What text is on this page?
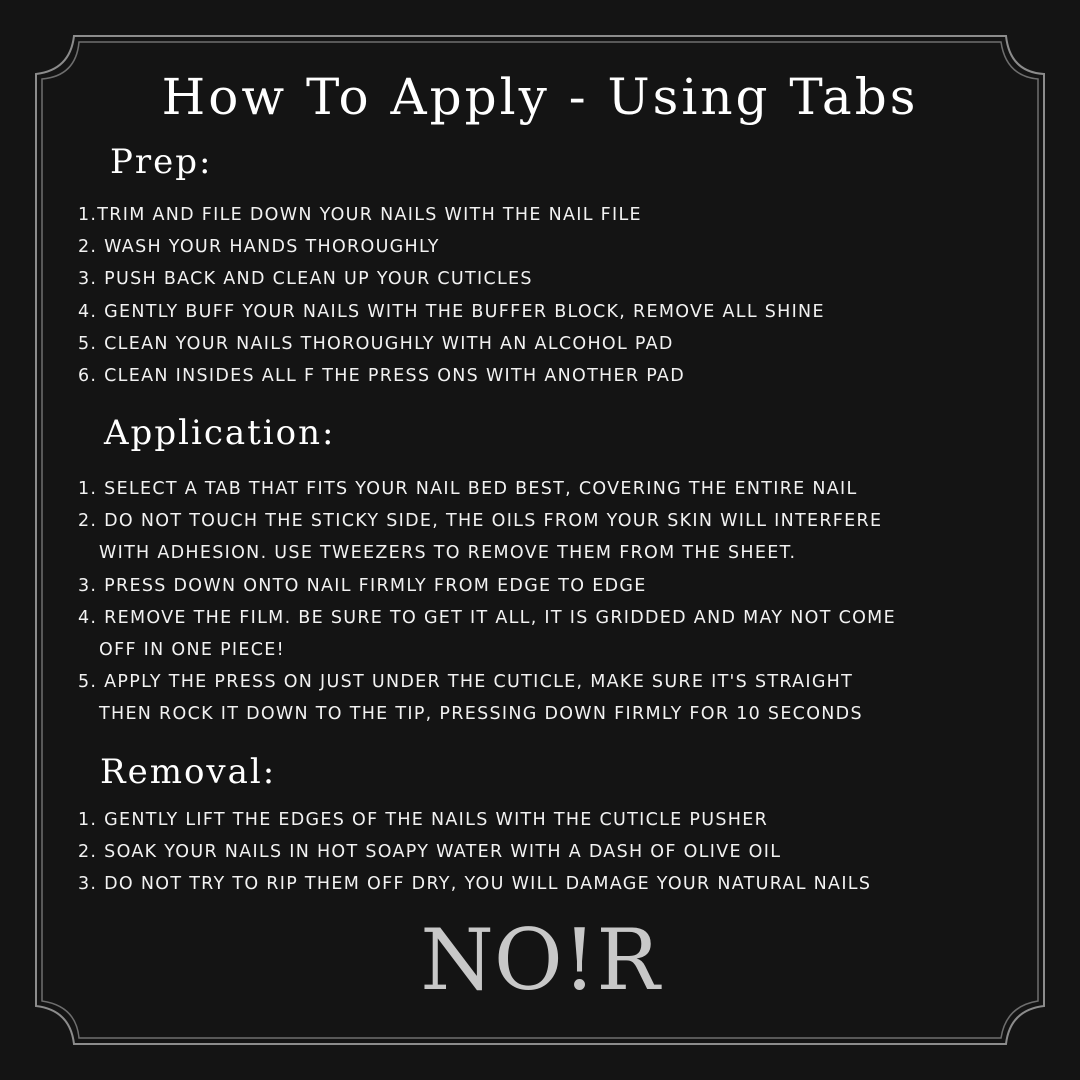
How To Apply - Using Tabs
Prep:
1.TRIM AND FILE DOWN YOUR NAILS WITH THE NAIL FILE
2. WASH YOUR HANDS THOROUGHLY
3. PUSH BACK AND CLEAN UP YOUR CUTICLES
4. GENTLY BUFF YOUR NAILS WITH THE BUFFER BLOCK, REMOVE ALL SHINE
5. CLEAN YOUR NAILS THOROUGHLY WITH AN ALCOHOL PAD
6. CLEAN INSIDES ALL F THE PRESS ONS WITH ANOTHER PAD
Application:
1. SELECT A TAB THAT FITS YOUR NAIL BED BEST, COVERING THE ENTIRE NAIL
2. DO NOT TOUCH THE STICKY SIDE, THE OILS FROM YOUR SKIN WILL INTERFERE
WITH ADHESION. USE TWEEZERS TO REMOVE THEM FROM THE SHEET.
3. PRESS DOWN ONTO NAIL FIRMLY FROM EDGE TO EDGE
4. REMOVE THE FILM. BE SURE TO GET IT ALL, IT IS GRIDDED AND MAY NOT COME
OFF IN ONE PIECE!
5. APPLY THE PRESS ON JUST UNDER THE CUTICLE, MAKE SURE IT'S STRAIGHT
THEN ROCK IT DOWN TO THE TIP, PRESSING DOWN FIRMLY FOR 10 SECONDS
Removal:
1. GENTLY LIFT THE EDGES OF THE NAILS WITH THE CUTICLE PUSHER
2. SOAK YOUR NAILS IN HOT SOAPY WATER WITH A DASH OF OLIVE OIL
3. DO NOT TRY TO RIP THEM OFF DRY, YOU WILL DAMAGE YOUR NATURAL NAILS
NO!R
